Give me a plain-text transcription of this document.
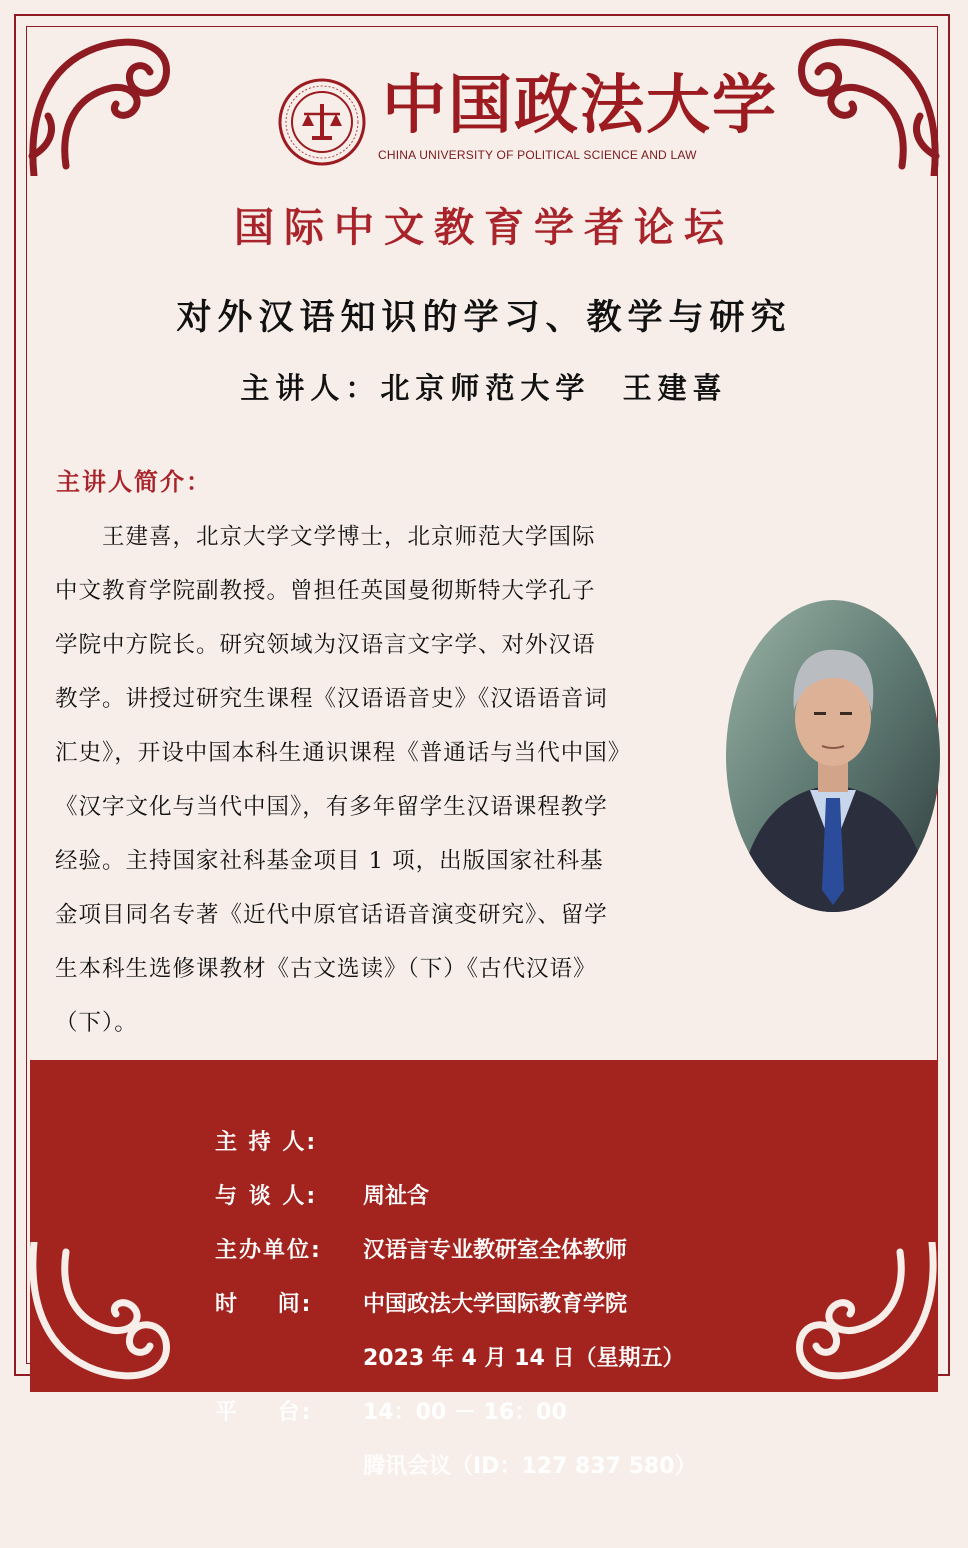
中国政法大学
CHINA UNIVERSITY OF POLITICAL SCIENCE AND LAW
国际中文教育学者论坛
对外汉语知识的学习、教学与研究
主讲人：北京师范大学  王建喜
主讲人简介：
　　王建喜，北京大学文学博士，北京师范大学国际
中文教育学院副教授。曾担任英国曼彻斯特大学孔子
学院中方院长。研究领域为汉语言文字学、对外汉语
教学。讲授过研究生课程《汉语语音史》《汉语语音词
汇史》，开设中国本科生通识课程《普通话与当代中国》
《汉字文化与当代中国》，有多年留学生汉语课程教学
经验。主持国家社科基金项目 1 项，出版国家社科基
金项目同名专著《近代中原官话语音演变研究》、留学
生本科生选修课教材《古文选读》（下）《古代汉语》
（下）。

主 持 人:

周祉含

与 谈 人:

汉语言专业教研室全体教师

主办单位:

中国政法大学国际教育学院

时    间:

2023 年 4 月 14 日（星期五）

14：00 － 16：00

平    台:

腾讯会议（ID：127 837 580）
